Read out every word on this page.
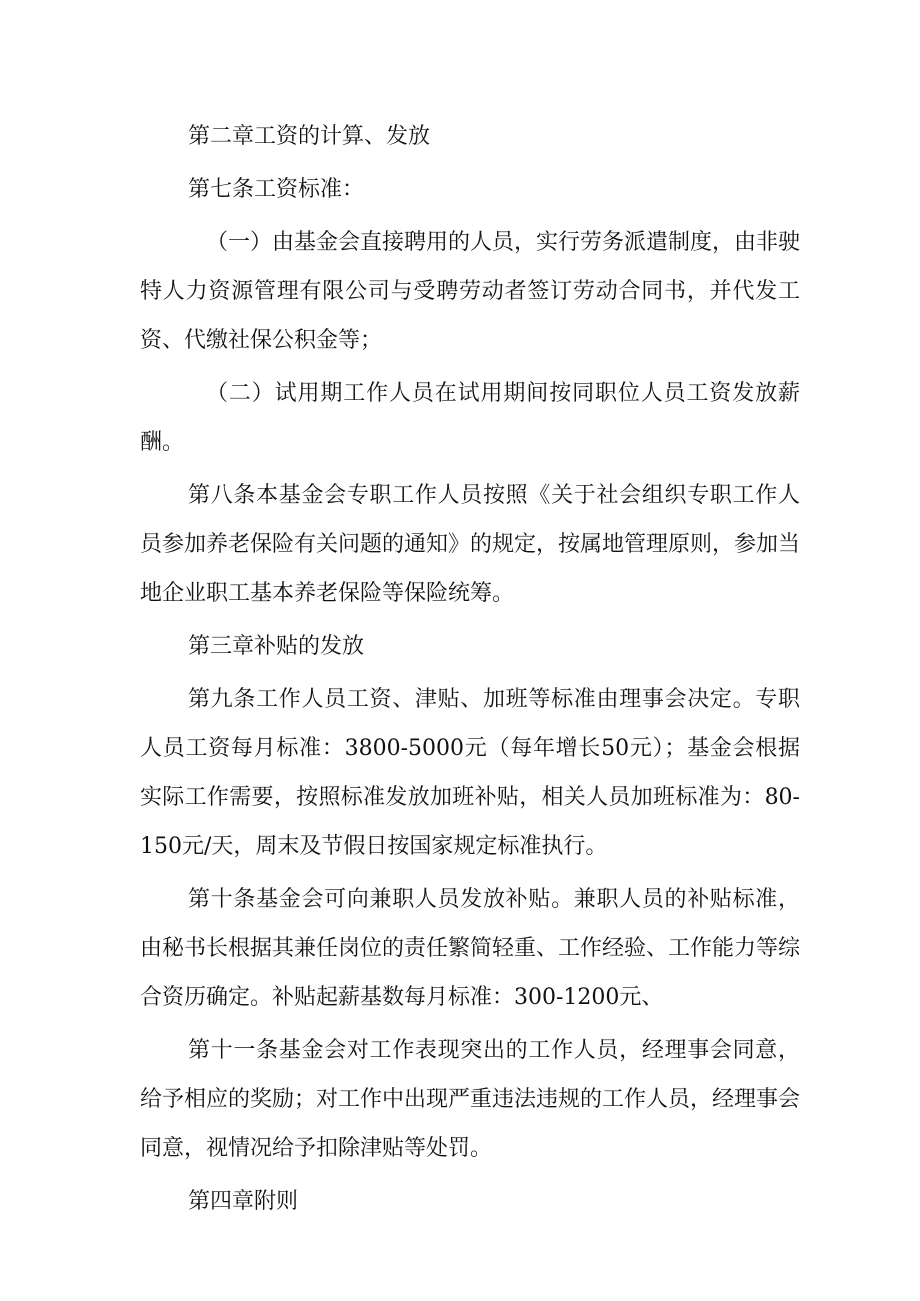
第二章工资的计算、发放

第七条工资标准：

（一）由基金会直接聘用的人员，实行劳务派遣制度，由非驶特人力资源管理有限公司与受聘劳动者签订劳动合同书，并代发工资、代缴社保公积金等；

（二）试用期工作人员在试用期间按同职位人员工资发放薪酬。

第八条本基金会专职工作人员按照《关于社会组织专职工作人员参加养老保险有关问题的通知》的规定，按属地管理原则，参加当地企业职工基本养老保险等保险统筹。

第三章补贴的发放

第九条工作人员工资、津贴、加班等标准由理事会决定。专职人员工资每月标准：3800-5000元（每年增长50元）；基金会根据实际工作需要，按照标准发放加班补贴，相关人员加班标准为：80-150元/天，周末及节假日按国家规定标准执行。

第十条基金会可向兼职人员发放补贴。兼职人员的补贴标准，由秘书长根据其兼任岗位的责任繁简轻重、工作经验、工作能力等综合资历确定。补贴起薪基数每月标准：300-1200元、

第十一条基金会对工作表现突出的工作人员，经理事会同意，给予相应的奖励；对工作中出现严重违法违规的工作人员，经理事会同意，视情况给予扣除津贴等处罚。

第四章附则
